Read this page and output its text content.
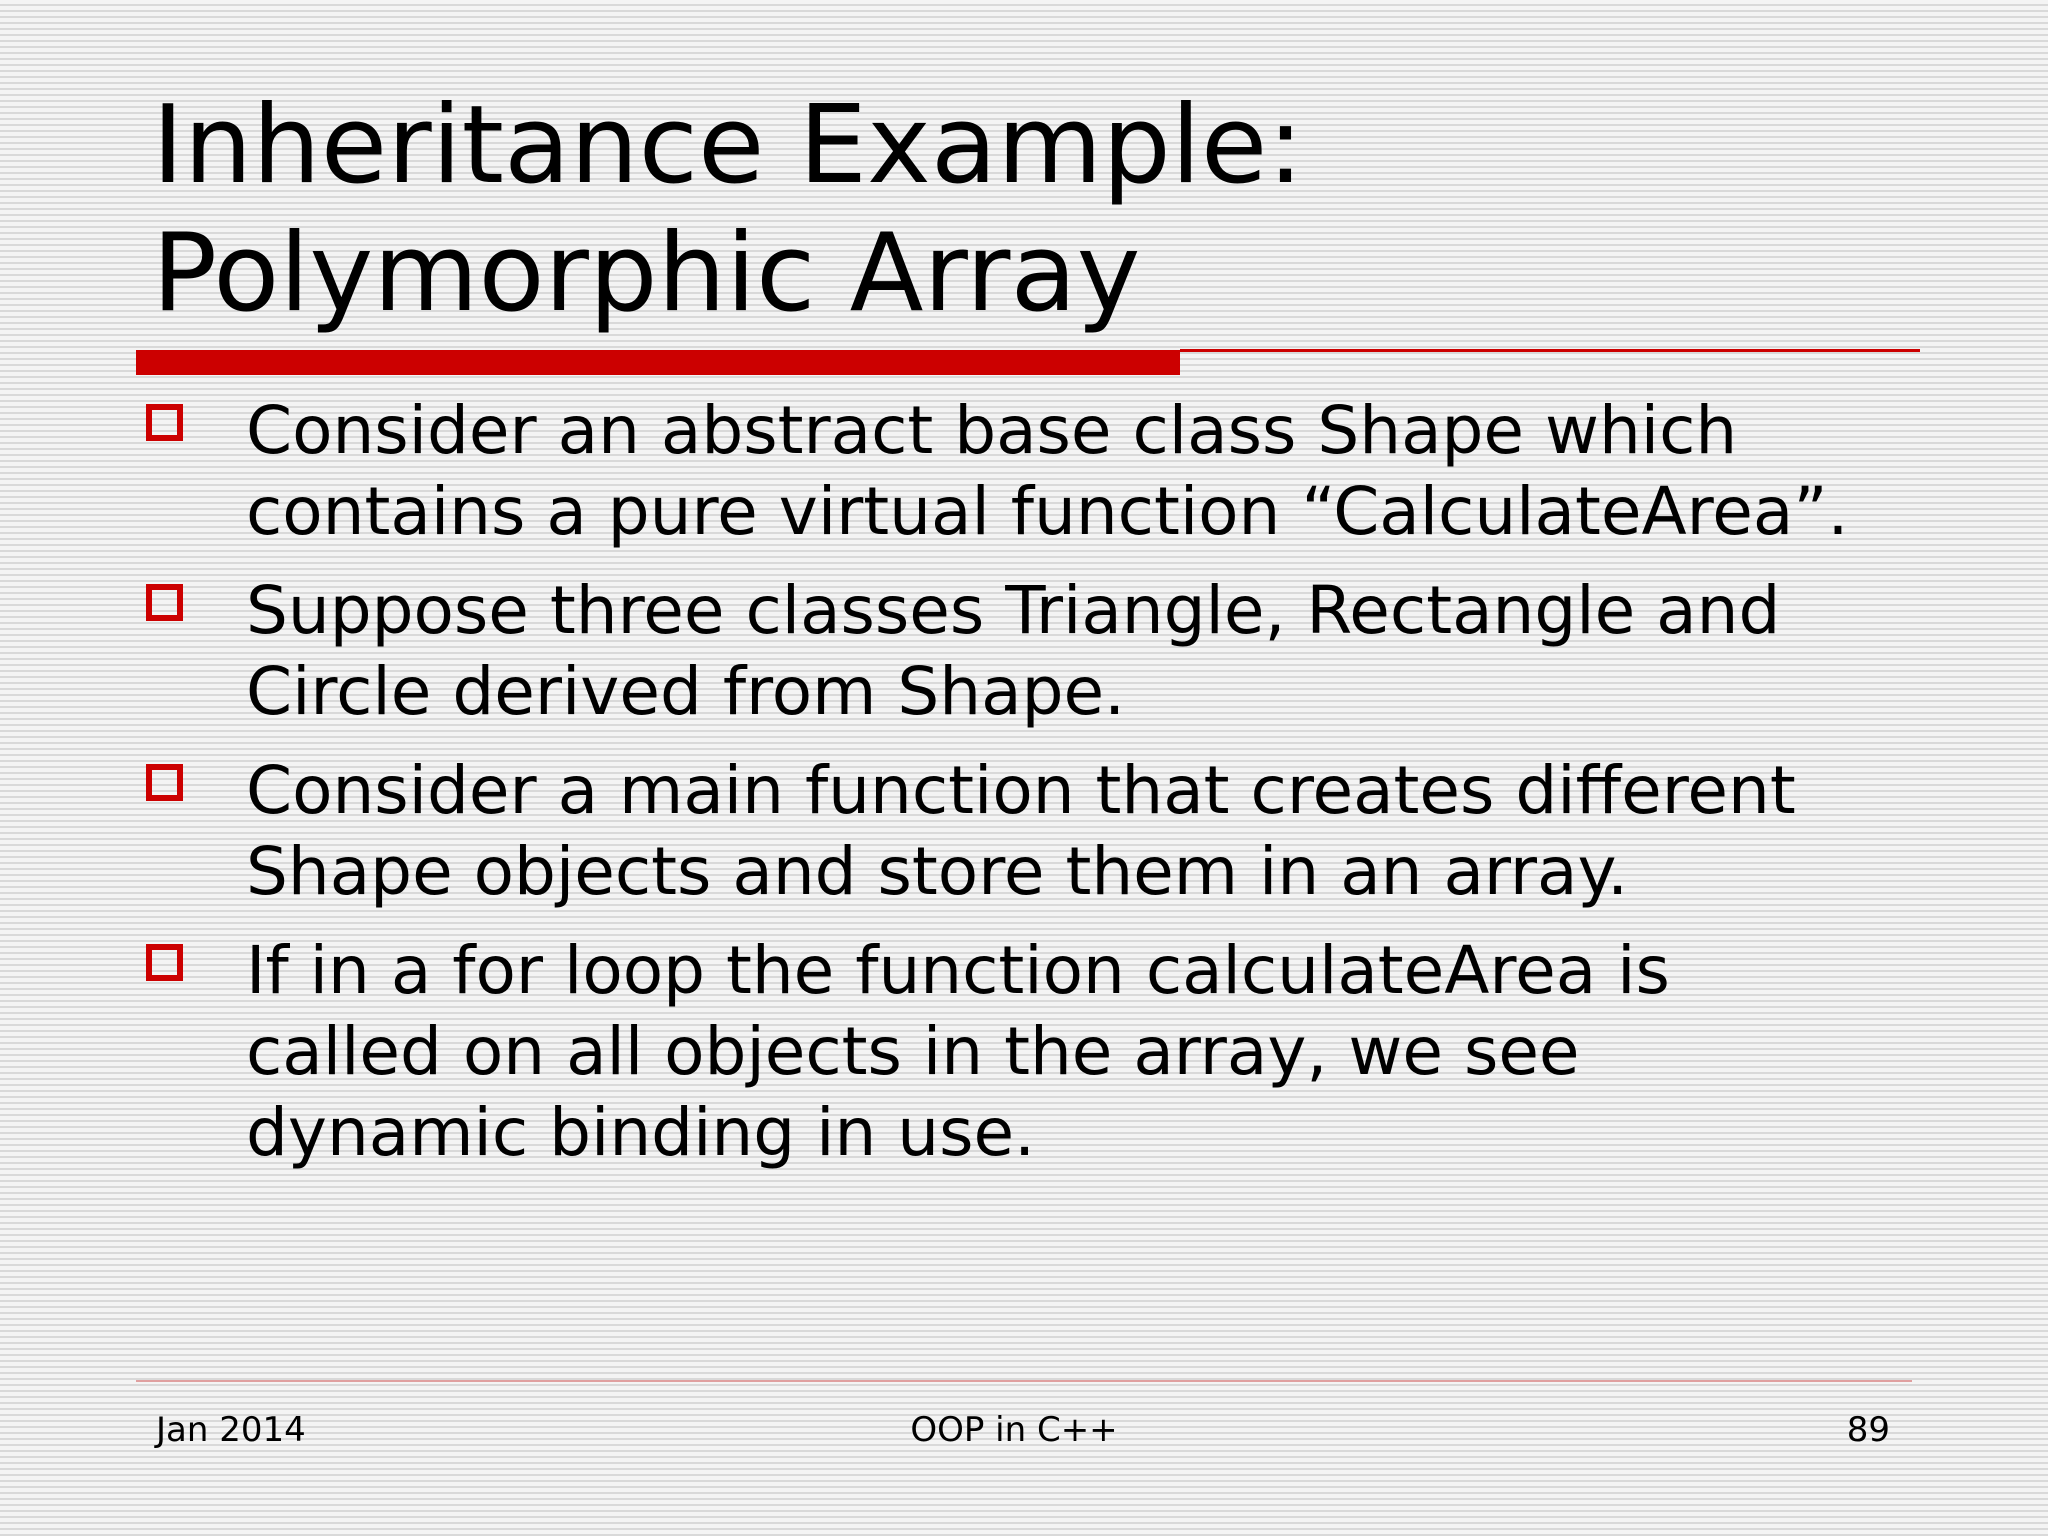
Inheritance Example:
Polymorphic Array
Consider an abstract base class Shape which
contains a pure virtual function “CalculateArea”.
Suppose three classes Triangle, Rectangle and
Circle derived from Shape.
Consider a main function that creates different
Shape objects and store them in an array.
If in a for loop the function calculateArea is
called on all objects in the array, we see
dynamic binding in use.
Jan 2014	OOP in C++	89
